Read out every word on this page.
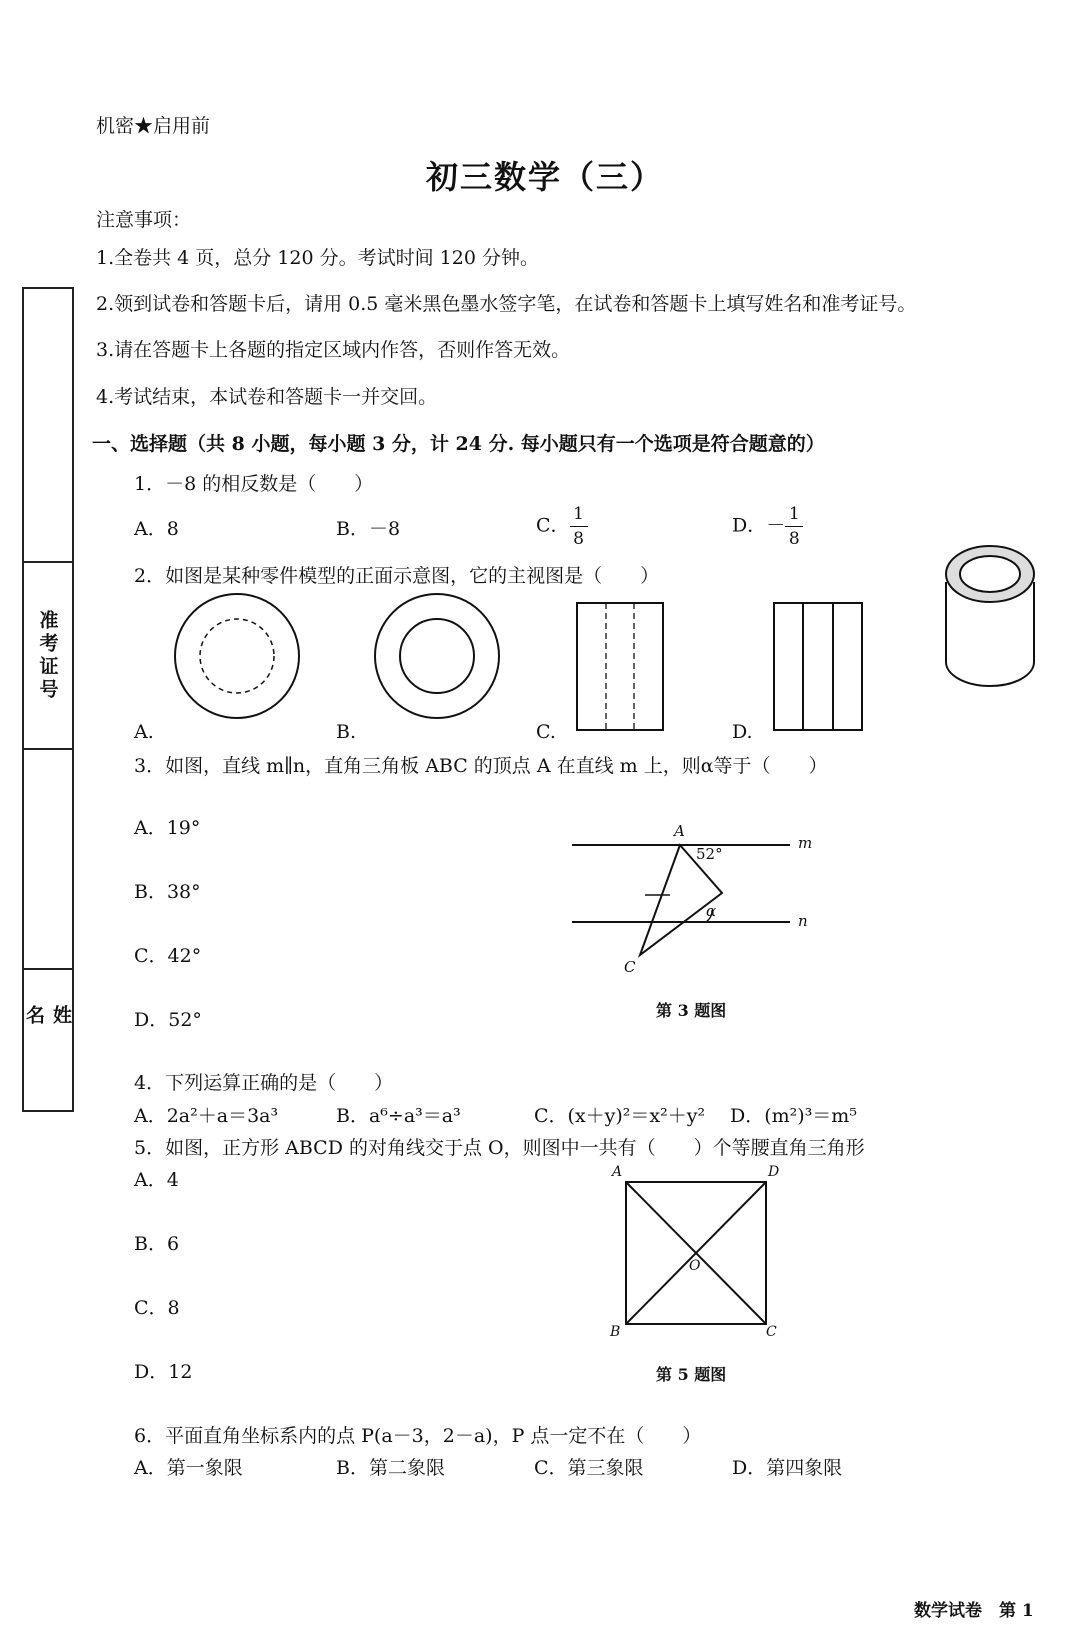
机密★启用前
初三数学（三）
注意事项：
1.全卷共 4 页，总分 120 分。考试时间 120 分钟。
2.领到试卷和答题卡后，请用 0.5 毫米黑色墨水签字笔，在试卷和答题卡上填写姓名和准考证号。
3.请在答题卡上各题的指定区域内作答，否则作答无效。
4.考试结束，本试卷和答题卡一并交回。
准考证号
姓名
一、选择题（共 8 小题，每小题 3 分，计 24 分. 每小题只有一个选项是符合题意的）
1．－8 的相反数是（　　）
A．8	B．－8	C． $\frac{1}{8}$	D．－ $\frac{1}{8}$
2．如图是某种零件模型的正面示意图，它的主视图是（　　）
A.	B.	C.	D.
3．如图，直线 m∥n，直角三角板 ABC 的顶点 A 在直线 m 上，则α等于（　　）
A．19°
B．38°
C．42°
D．52°
A
52°
m
n
α
C
第 3 题图
4．下列运算正确的是（　　）
A．2a²＋a＝3a³	B．a⁶÷a³＝a³	C．(x＋y)²＝x²＋y² D．(m²)³＝m⁵
5．如图，正方形 ABCD 的对角线交于点 O，则图中一共有（　　）个等腰直角三角形
A．4
B．6
C．8
D．12
A	D
B	C
O
第 5 题图
6．平面直角坐标系内的点 P(a－3，2－a)，P 点一定不在（　　）
A．第一象限	B．第二象限	C．第三象限	D．第四象限
数学试卷　第 1
